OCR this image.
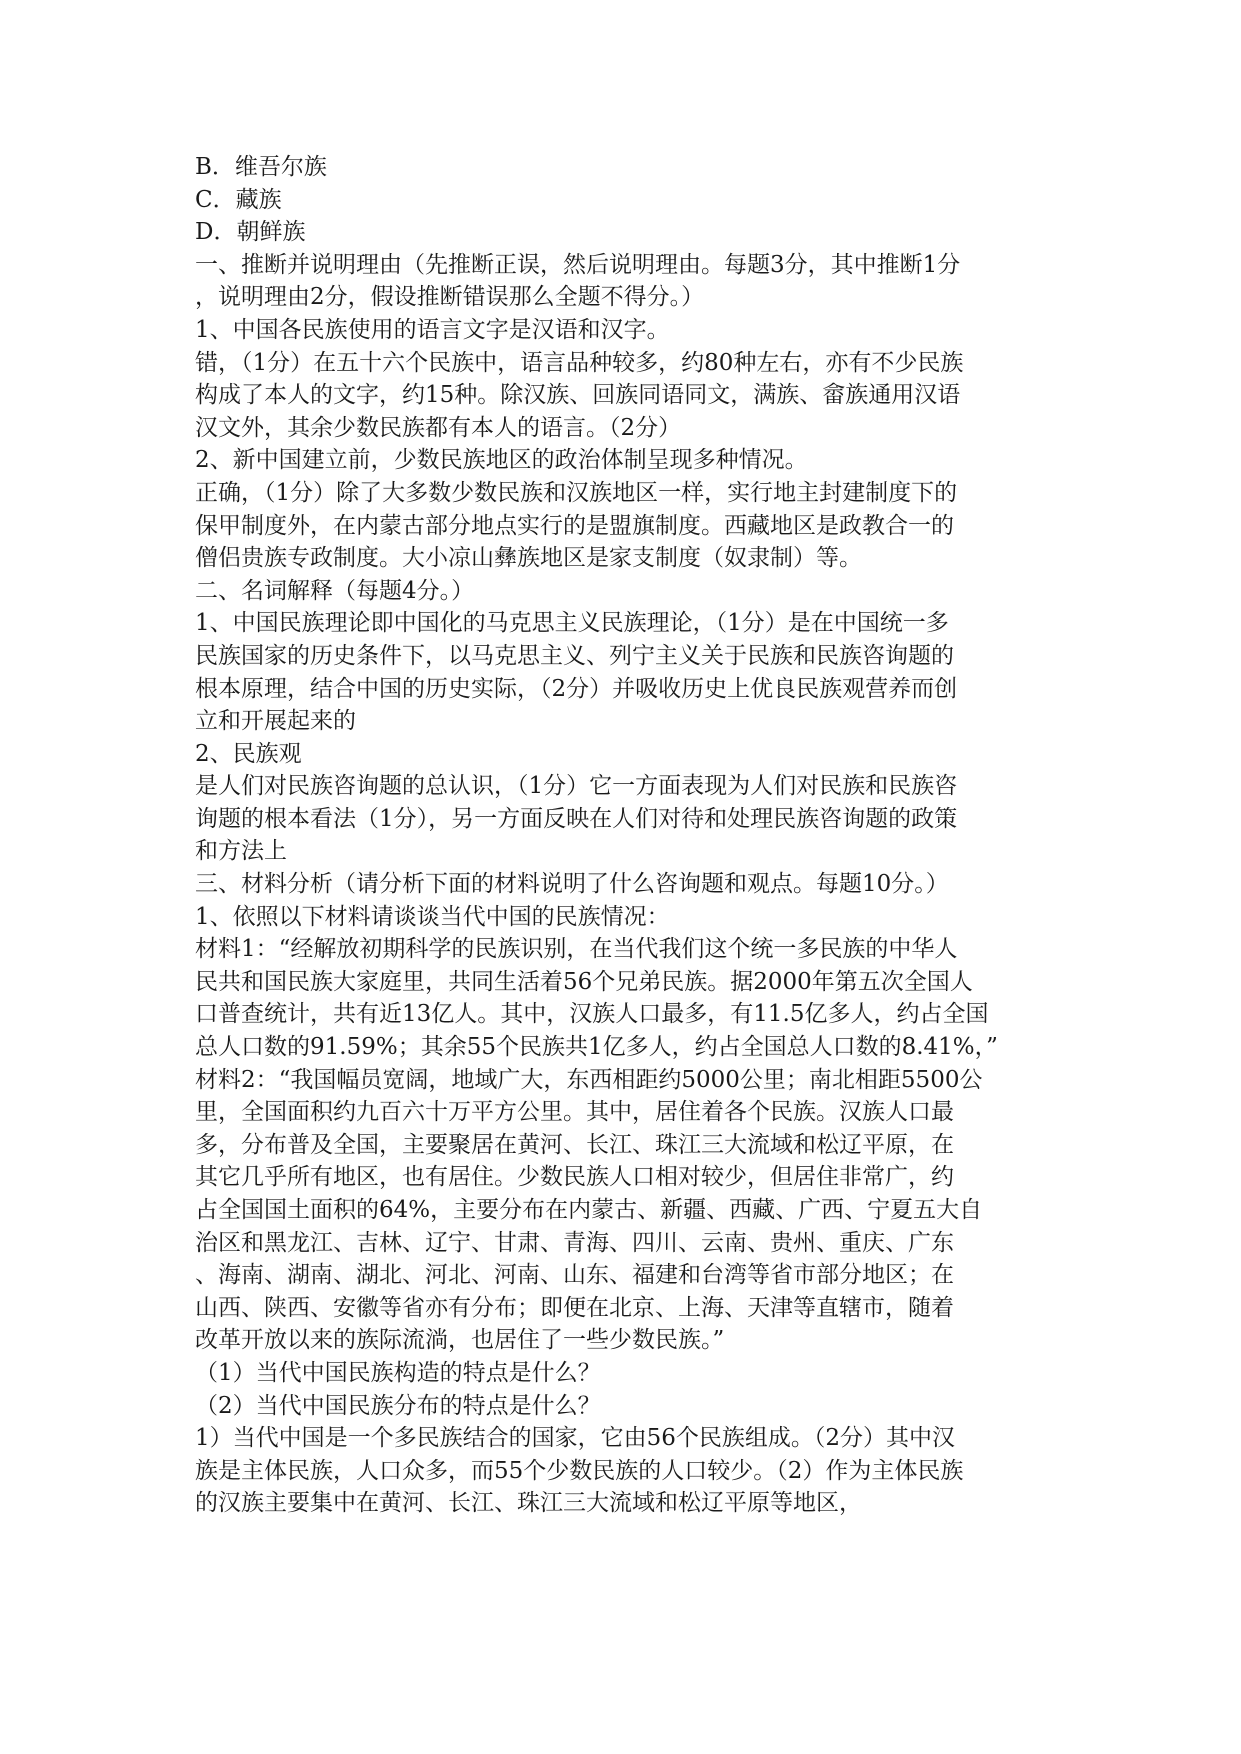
B．维吾尔族
C．藏族
D．朝鲜族
一、推断并说明理由（先推断正误，然后说明理由。每题3分，其中推断1分
，说明理由2分，假设推断错误那么全题不得分。）
1、中国各民族使用的语言文字是汉语和汉字。
错，（1分）在五十六个民族中，语言品种较多，约80种左右，亦有不少民族
构成了本人的文字，约15种。除汉族、回族同语同文，满族、畲族通用汉语
汉文外，其余少数民族都有本人的语言。（2分）
2、新中国建立前，少数民族地区的政治体制呈现多种情况。
正确，（1分）除了大多数少数民族和汉族地区一样，实行地主封建制度下的
保甲制度外，在内蒙古部分地点实行的是盟旗制度。西藏地区是政教合一的
僧侣贵族专政制度。大小凉山彝族地区是家支制度（奴隶制）等。
二、名词解释（每题4分。）
1、中国民族理论即中国化的马克思主义民族理论，（1分）是在中国统一多
民族国家的历史条件下，以马克思主义、列宁主义关于民族和民族咨询题的
根本原理，结合中国的历史实际，（2分）并吸收历史上优良民族观营养而创
立和开展起来的
2、民族观
是人们对民族咨询题的总认识，（1分）它一方面表现为人们对民族和民族咨
询题的根本看法（1分），另一方面反映在人们对待和处理民族咨询题的政策
和方法上
三、材料分析（请分析下面的材料说明了什么咨询题和观点。每题10分。）
1、依照以下材料请谈谈当代中国的民族情况：
材料1：“经解放初期科学的民族识别，在当代我们这个统一多民族的中华人
民共和国民族大家庭里，共同生活着56个兄弟民族。据2000年第五次全国人
口普查统计，共有近13亿人。其中，汉族人口最多，有11.5亿多人，约占全国
总人口数的91.59%；其余55个民族共1亿多人，约占全国总人口数的8.41%，”
材料2：“我国幅员宽阔，地域广大，东西相距约5000公里；南北相距5500公
里，全国面积约九百六十万平方公里。其中，居住着各个民族。汉族人口最
多，分布普及全国，主要聚居在黄河、长江、珠江三大流域和松辽平原，在
其它几乎所有地区，也有居住。少数民族人口相对较少，但居住非常广，约
占全国国土面积的64%，主要分布在内蒙古、新疆、西藏、广西、宁夏五大自
治区和黑龙江、吉林、辽宁、甘肃、青海、四川、云南、贵州、重庆、广东
、海南、湖南、湖北、河北、河南、山东、福建和台湾等省市部分地区；在
山西、陕西、安徽等省亦有分布；即便在北京、上海、天津等直辖市，随着
改革开放以来的族际流淌，也居住了一些少数民族。”
（1）当代中国民族构造的特点是什么？
（2）当代中国民族分布的特点是什么？
1）当代中国是一个多民族结合的国家，它由56个民族组成。（2分）其中汉
族是主体民族，人口众多，而55个少数民族的人口较少。（2）作为主体民族
的汉族主要集中在黄河、长江、珠江三大流域和松辽平原等地区，
